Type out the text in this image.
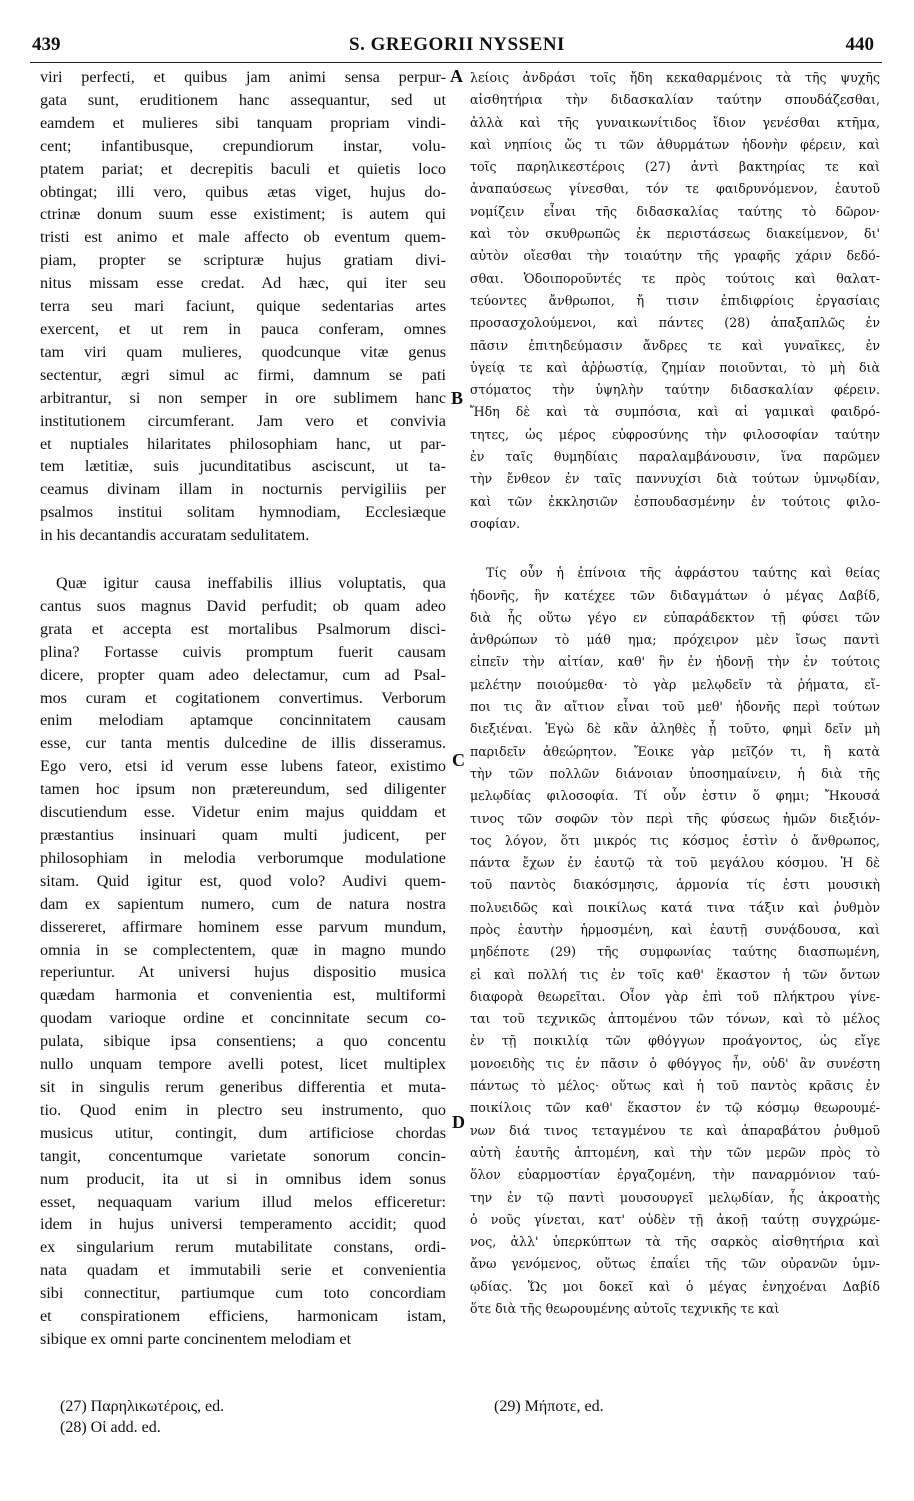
S. GREGORII NYSSENI
439	440
viri perfecti, et quibus jam animi sensa perpur-
gata sunt, eruditionem hanc assequantur, sed ut
eamdem et mulieres sibi tanquam propriam vindi-
cent; infantibusque, crepundiorum instar, volu-
ptatem pariat; et decrepitis baculi et quietis loco
obtingat; illi vero, quibus ætas viget, hujus do-
ctrinæ donum suum esse existiment; is autem qui
tristi est animo et male affecto ob eventum quem-
piam, propter se scripturæ hujus gratiam divi-
nitus missam esse credat. Ad hæc, qui iter seu
terra seu mari faciunt, quique sedentarias artes
exercent, et ut rem in pauca conferam, omnes
tam viri quam mulieres, quodcunque vitæ genus
sectentur, ægri simul ac firmi, damnum se pati
arbitrantur, si non semper in ore sublimem hanc
institutionem circumferant. Jam vero et convivia
et nuptiales hilaritates philosophiam hanc, ut par-
tem lætitiæ, suis jucunditatibus asciscunt, ut ta-
ceamus divinam illam in nocturnis pervigiliis per
psalmos institui solitam hymnodiam, Ecclesiæque
in his decantandis accuratam sedulitatem.
Quæ igitur causa ineffabilis illius voluptatis, qua
cantus suos magnus David perfudit; ob quam adeo
grata et accepta est mortalibus Psalmorum disci-
plina? Fortasse cuivis promptum fuerit causam
dicere, propter quam adeo delectamur, cum ad Psal-
mos curam et cogitationem convertimus. Verborum
enim melodiam aptamque concinnitatem causam
esse, cur tanta mentis dulcedine de illis disseramus.
Ego vero, etsi id verum esse lubens fateor, existimo
tamen hoc ipsum non prætereundum, sed diligenter
discutiendum esse. Videtur enim majus quiddam et
præstantius insinuari quam multi judicent, per
philosophiam in melodia verborumque modulatione
sitam. Quid igitur est, quod volo? Audivi quem-
dam ex sapientum numero, cum de natura nostra
dissereret, affirmare hominem esse parvum mundum,
omnia in se complectentem, quæ in magno mundo
reperiuntur. At universi hujus dispositio musica
quædam harmonia et convenientia est, multiformi
quodam varioque ordine et concinnitate secum co-
pulata, sibique ipsa consentiens; a quo concentu
nullo unquam tempore avelli potest, licet multiplex
sit in singulis rerum generibus differentia et muta-
tio. Quod enim in plectro seu instrumento, quo
musicus utitur, contingit, dum artificiose chordas
tangit, concentumque varietate sonorum concin-
num producit, ita ut si in omnibus idem sonus
esset, nequaquam varium illud melos efficeretur:
idem in hujus universi temperamento accidit; quod
ex singularium rerum mutabilitate constans, ordi-
nata quadam et immutabili serie et convenientia
sibi connectitur, partiumque cum toto concordiam
et conspirationem efficiens, harmonicam istam,
sibique ex omni parte concinentem melodiam et
λείοις ἀνδράσι τοῖς ἤδη κεκαθαρμένοις τὰ τῆς ψυχῆς
αἰσθητήρια τὴν διδασκαλίαν ταύτην σπουδάζεσθαι,
ἀλλὰ καὶ τῆς γυναικωνίτιδος ἴδιον γενέσθαι κτῆμα,
καὶ νηπίοις ὥς τι τῶν ἀθυρμάτων ἡδονὴν φέρειν, καὶ
τοῖς παρηλικεστέροις (27) ἀντὶ βακτηρίας τε καὶ
ἀναπαύσεως γίνεσθαι, τόν τε φαιδρυνόμενον, ἑαυτοῦ
νομίζειν εἶναι τῆς διδασκαλίας ταύτης τὸ δῶρον·
καὶ τὸν σκυθρωπῶς ἐκ περιστάσεως διακείμενον, δι'
αὐτὸν οἴεσθαι τὴν τοιαύτην τῆς γραφῆς χάριν δεδό-
σθαι. Ὁδοιποροῦντές τε πρὸς τούτοις καὶ θαλατ-
τεύοντες ἄνθρωποι, ἤ τισιν ἐπιδιφρίοις ἐργασίαις
προσασχολούμενοι, καὶ πάντες (28) ἁπαξαπλῶς ἐν
πᾶσιν ἐπιτηδεύμασιν ἄνδρες τε καὶ γυναῖκες, ἐν
ὑγείᾳ τε καὶ ἀῤῥωστίᾳ, ζημίαν ποιοῦνται, τὸ μὴ διὰ
στόματος τὴν ὑψηλὴν ταύτην διδασκαλίαν φέρειν.
Ἤδη δὲ καὶ τὰ συμπόσια, καὶ αἱ γαμικαὶ φαιδρό-
τητες, ὡς μέρος εὐφροσύνης τὴν φιλοσοφίαν ταύτην
ἐν ταῖς θυμηδίαις παραλαμβάνουσιν, ἵνα παρῶμεν
τὴν ἔνθεον ἐν ταῖς παννυχίσι διὰ τούτων ὑμνῳδίαν,
καὶ τῶν ἐκκλησιῶν ἐσπουδασμένην ἐν τούτοις φιλο-
σοφίαν.
Τίς οὖν ἡ ἐπίνοια τῆς ἀφράστου ταύτης καὶ θείας
ἡδονῆς, ἣν κατέχεε τῶν διδαγμάτων ὁ μέγας Δαβίδ,
διὰ ἧς οὕτω γέγο εν εὐπαράδεκτον τῇ φύσει τῶν
ἀνθρώπων τὸ μάθ ημα; πρόχειρον μὲν ἴσως παντὶ
εἰπεῖν τὴν αἰτίαν, καθ' ἣν ἐν ἡδονῇ τὴν ἐν τούτοις
μελέτην ποιούμεθα· τὸ γὰρ μελῳδεῖν τὰ ῥήματα, εἴ-
ποι τις ἂν αἴτιον εἶναι τοῦ μεθ' ἡδονῆς περὶ τούτων
διεξιέναι. Ἐγὼ δὲ κἂν ἀληθὲς ᾖ τοῦτο, φημὶ δεῖν μὴ
παριδεῖν ἀθεώρητον. Ἔοικε γὰρ μεῖζόν τι, ἢ κατὰ
τὴν τῶν πολλῶν διάνοιαν ὑποσημαίνειν, ἡ διὰ τῆς
μελῳδίας φιλοσοφία. Τί οὖν ἐστιν ὅ φημι; Ἤκουσά
τινος τῶν σοφῶν τὸν περὶ τῆς φύσεως ἡμῶν διεξιόν-
τος λόγον, ὅτι μικρός τις κόσμος ἐστὶν ὁ ἄνθρωπος,
πάντα ἔχων ἐν ἑαυτῷ τὰ τοῦ μεγάλου κόσμου. Ἡ δὲ
τοῦ παντὸς διακόσμησις, ἁρμονία τίς ἐστι μουσικὴ
πολυειδῶς καὶ ποικίλως κατά τινα τάξιν καὶ ῥυθμὸν
πρὸς ἑαυτὴν ἡρμοσμένη, καὶ ἑαυτῇ συνᾴδουσα, καὶ
μηδέποτε (29) τῆς συμφωνίας ταύτης διασπωμένη,
εἰ καὶ πολλή τις ἐν τοῖς καθ' ἕκαστον ἡ τῶν ὄντων
διαφορὰ θεωρεῖται. Οἷον γὰρ ἐπὶ τοῦ πλήκτρου γίνε-
ται τοῦ τεχνικῶς ἀπτομένου τῶν τόνων, καὶ τὸ μέλος
ἐν τῇ ποικιλίᾳ τῶν φθόγγων προάγοντος, ὡς εἴγε
μονοειδὴς τις ἐν πᾶσιν ὁ φθόγγος ἦν, οὐδ' ἂν συνέστη
πάντως τὸ μέλος· οὕτως καὶ ἡ τοῦ παντὸς κρᾶσις ἐν
ποικίλοις τῶν καθ' ἕκαστον ἐν τῷ κόσμῳ θεωρουμέ-
νων διά τινος τεταγμένου τε καὶ ἀπαραβάτου ῥυθμοῦ
αὐτὴ ἑαυτῆς ἁπτομένη, καὶ τὴν τῶν μερῶν πρὸς τὸ
ὅλον εὐαρμοστίαν ἐργαζομένη, τὴν παναρμόνιον ταύ-
την ἐν τῷ παντὶ μουσουργεῖ μελῳδίαν, ἧς ἀκροατὴς
ὁ νοῦς γίνεται, κατ' οὐδὲν τῇ ἀκοῇ ταύτῃ συγχρώμε-
νος, ἀλλ' ὑπερκύπτων τὰ τῆς σαρκὸς αἰσθητήρια καὶ
ἄνω γενόμενος, οὕτως ἐπαΐει τῆς τῶν οὐρανῶν ὑμν-
ῳδίας. Ὥς μοι δοκεῖ καὶ ὁ μέγας ἐνηχοέναι Δαβίδ
ὅτε διὰ τῆς θεωρουμένης αὐτοῖς τεχνικῆς τε καὶ
A
B
C
D
(27) Παρηλικωτέροις, ed.
(28) Οἱ add. ed.
(29) Μήποτε, ed.
